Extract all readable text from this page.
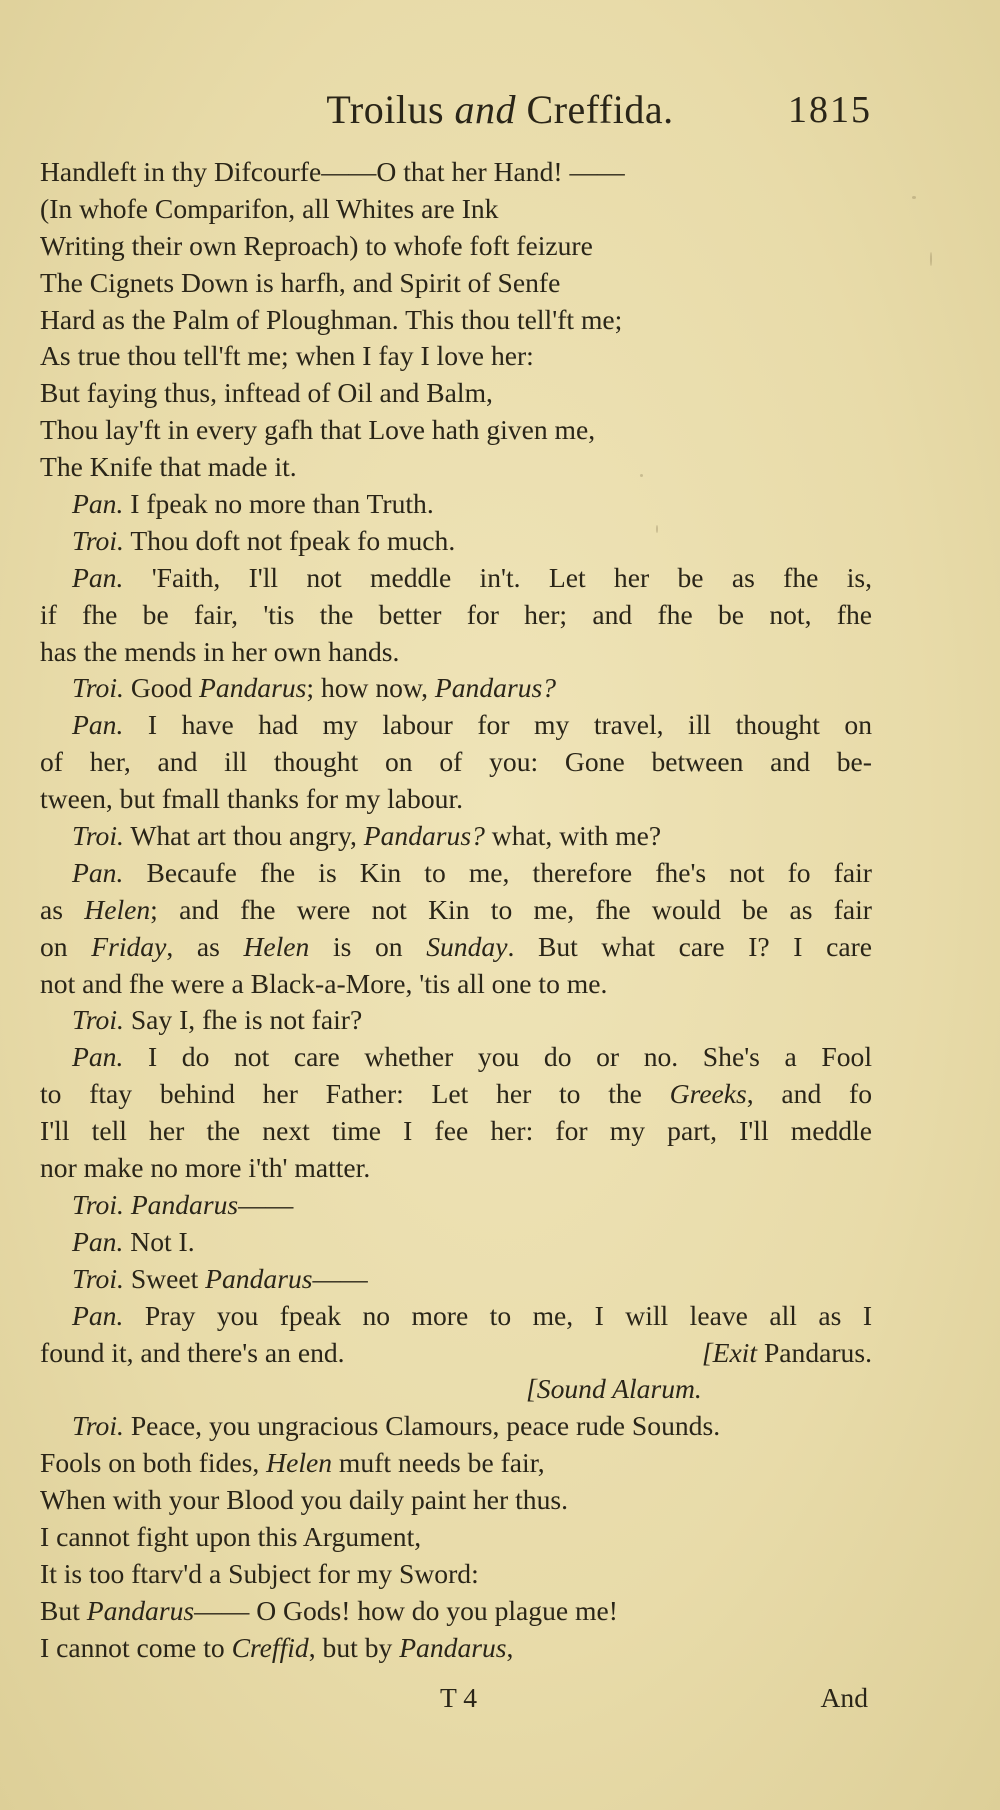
Troilus and Creffida.	1815
Handleft in thy Difcourfe——O that her Hand! ——
(In whofe Comparifon, all Whites are Ink
Writing their own Reproach) to whofe foft feizure
The Cignets Down is harfh, and Spirit of Senfe
Hard as the Palm of Ploughman. This thou tell'ft me;
As true thou tell'ft me; when I fay I love her:
But faying thus, inftead of Oil and Balm,
Thou lay'ft in every gafh that Love hath given me,
The Knife that made it.
Pan. I fpeak no more than Truth.
Troi. Thou doft not fpeak fo much.
Pan. 'Faith, I'll not meddle in't. Let her be as fhe is,
if fhe be fair, 'tis the better for her; and fhe be not, fhe
has the mends in her own hands.
Troi. Good Pandarus; how now, Pandarus?
Pan. I have had my labour for my travel, ill thought on
of her, and ill thought on of you: Gone between and be-
tween, but fmall thanks for my labour.
Troi. What art thou angry, Pandarus? what, with me?
Pan. Becaufe fhe is Kin to me, therefore fhe's not fo fair
as Helen; and fhe were not Kin to me, fhe would be as fair
on Friday, as Helen is on Sunday. But what care I? I care
not and fhe were a Black-a-More, 'tis all one to me.
Troi. Say I, fhe is not fair?
Pan. I do not care whether you do or no. She's a Fool
to ftay behind her Father: Let her to the Greeks, and fo
I'll tell her the next time I fee her: for my part, I'll meddle
nor make no more i'th' matter.
Troi. Pandarus——
Pan. Not I.
Troi. Sweet Pandarus——
Pan. Pray you fpeak no more to me, I will leave all as I
found it, and there's an end.	[Exit Pandarus.
[Sound Alarum.
Troi. Peace, you ungracious Clamours, peace rude Sounds.
Fools on both fides, Helen muft needs be fair,
When with your Blood you daily paint her thus.
I cannot fight upon this Argument,
It is too ftarv'd a Subject for my Sword:
But Pandarus—— O Gods! how do you plague me!
I cannot come to Creffid, but by Pandarus,
T 4	And
